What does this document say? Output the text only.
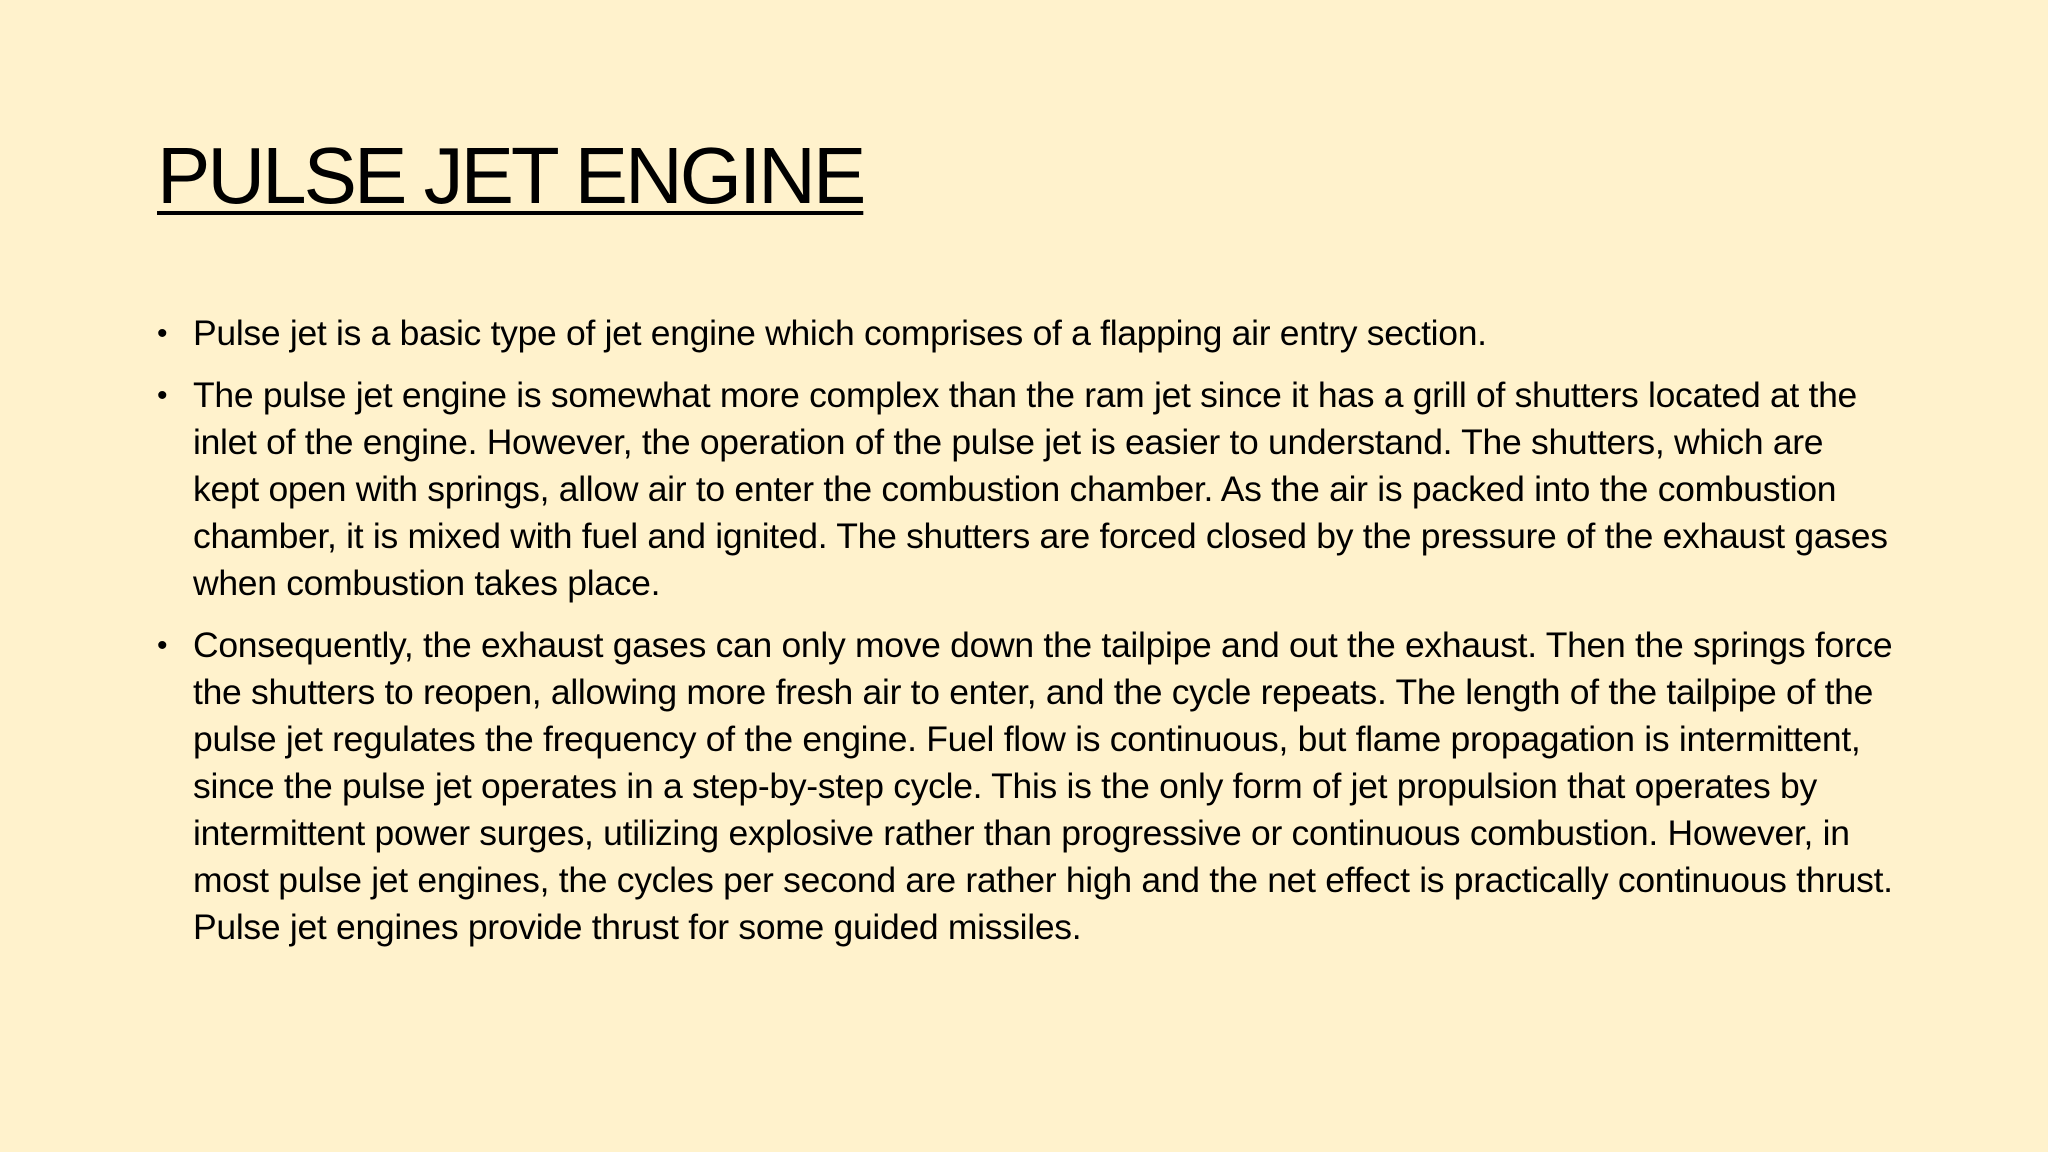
PULSE JET ENGINE
• Pulse jet is a basic type of jet engine which comprises of a flapping air entry section.
• The pulse jet engine is somewhat more complex than the ram jet since it has a grill of shutters located at the inlet of the engine. However, the operation of the pulse jet is easier to understand. The shutters, which are kept open with springs, allow air to enter the combustion chamber. As the air is packed into the combustion chamber, it is mixed with fuel and ignited. The shutters are forced closed by the pressure of the exhaust gases when combustion takes place.
• Consequently, the exhaust gases can only move down the tailpipe and out the exhaust. Then the springs force the shutters to reopen, allowing more fresh air to enter, and the cycle repeats. The length of the tailpipe of the pulse jet regulates the frequency of the engine. Fuel flow is continuous, but flame propagation is intermittent, since the pulse jet operates in a step-by-step cycle. This is the only form of jet propulsion that operates by intermittent power surges, utilizing explosive rather than progressive or continuous combustion. However, in most pulse jet engines, the cycles per second are rather high and the net effect is practically continuous thrust. Pulse jet engines provide thrust for some guided missiles.
